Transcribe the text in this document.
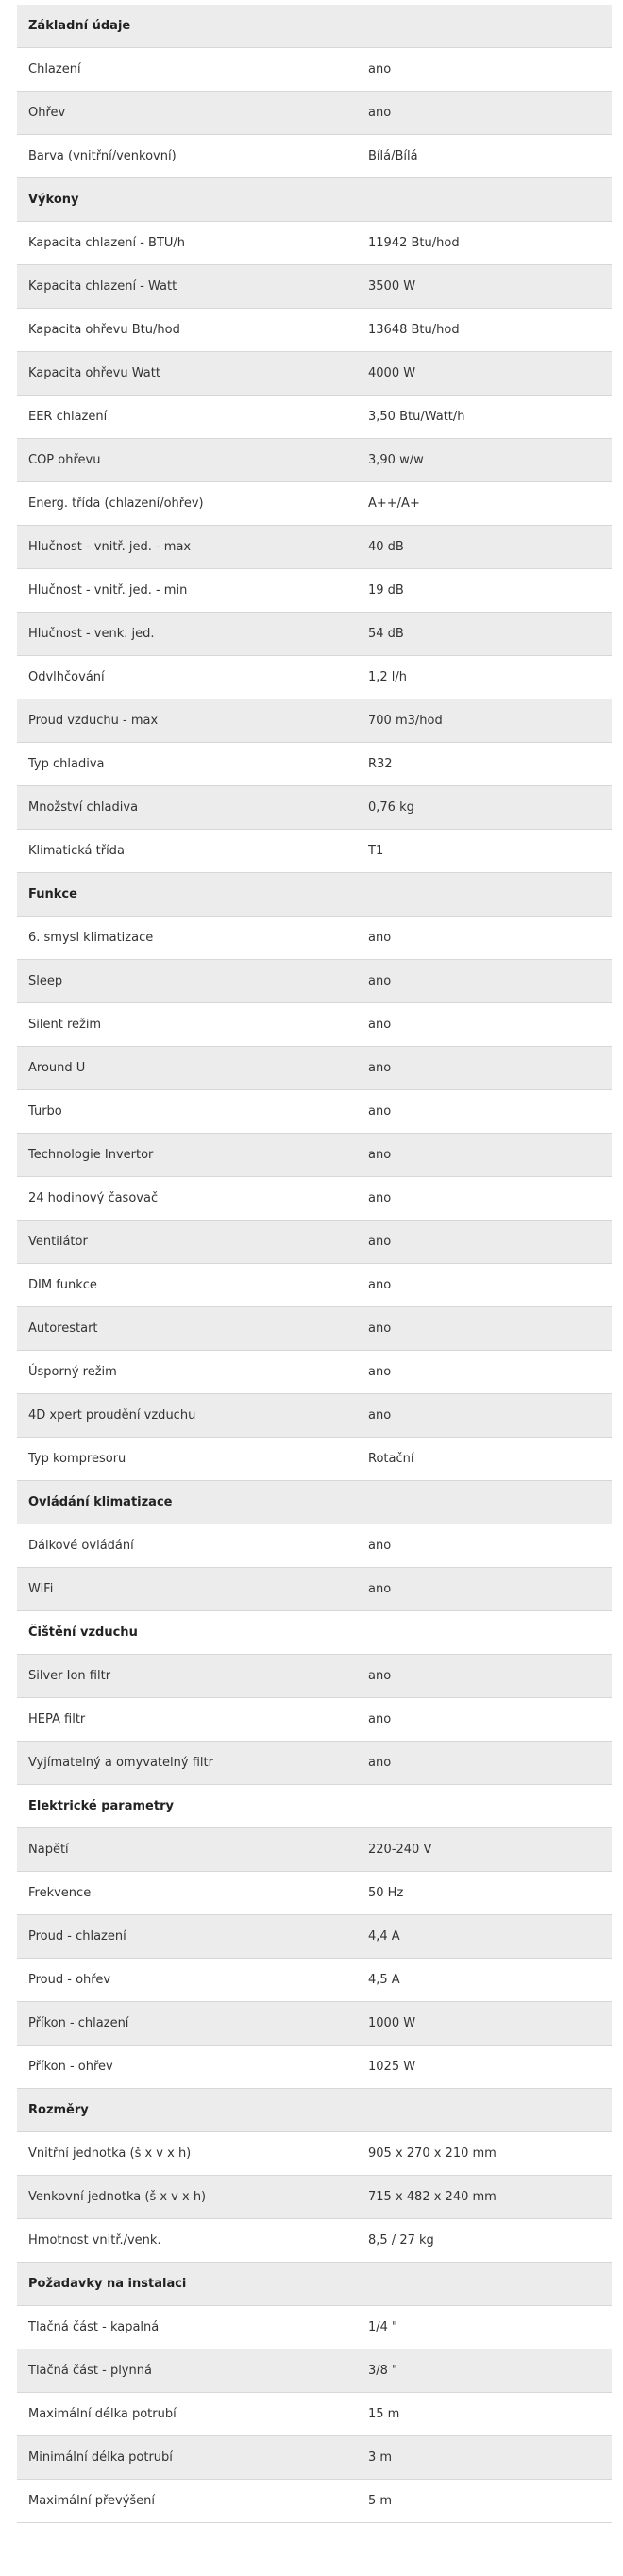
Základní údaje
Chlazení	ano
Ohřev	ano
Barva (vnitřní/venkovní)	Bílá/Bílá
Výkony
Kapacita chlazení - BTU/h	11942 Btu/hod
Kapacita chlazení - Watt	3500 W
Kapacita ohřevu Btu/hod	13648 Btu/hod
Kapacita ohřevu Watt	4000 W
EER chlazení	3,50 Btu/Watt/h
COP ohřevu	3,90 w/w
Energ. třída (chlazení/ohřev)	A++/A+
Hlučnost - vnitř. jed. - max	40 dB
Hlučnost - vnitř. jed. - min	19 dB
Hlučnost - venk. jed.	54 dB
Odvlhčování	1,2 l/h
Proud vzduchu - max	700 m3/hod
Typ chladiva	R32
Množství chladiva	0,76 kg
Klimatická třída	T1
Funkce
6. smysl klimatizace	ano
Sleep	ano
Silent režim	ano
Around U	ano
Turbo	ano
Technologie Invertor	ano
24 hodinový časovač	ano
Ventilátor	ano
DIM funkce	ano
Autorestart	ano
Úsporný režim	ano
4D xpert proudění vzduchu	ano
Typ kompresoru	Rotační
Ovládání klimatizace
Dálkové ovládání	ano
WiFi	ano
Čištění vzduchu
Silver Ion filtr	ano
HEPA filtr	ano
Vyjímatelný a omyvatelný filtr	ano
Elektrické parametry
Napětí	220-240 V
Frekvence	50 Hz
Proud - chlazení	4,4 A
Proud - ohřev	4,5 A
Příkon - chlazení	1000 W
Příkon - ohřev	1025 W
Rozměry
Vnitřní jednotka (š x v x h)	905 x 270 x 210 mm
Venkovní jednotka (š x v x h)	715 x 482 x 240 mm
Hmotnost vnitř./venk.	8,5 / 27 kg
Požadavky na instalaci
Tlačná část - kapalná	1/4 "
Tlačná část - plynná	3/8 "
Maximální délka potrubí	15 m
Minimální délka potrubí	3 m
Maximální převýšení	5 m
